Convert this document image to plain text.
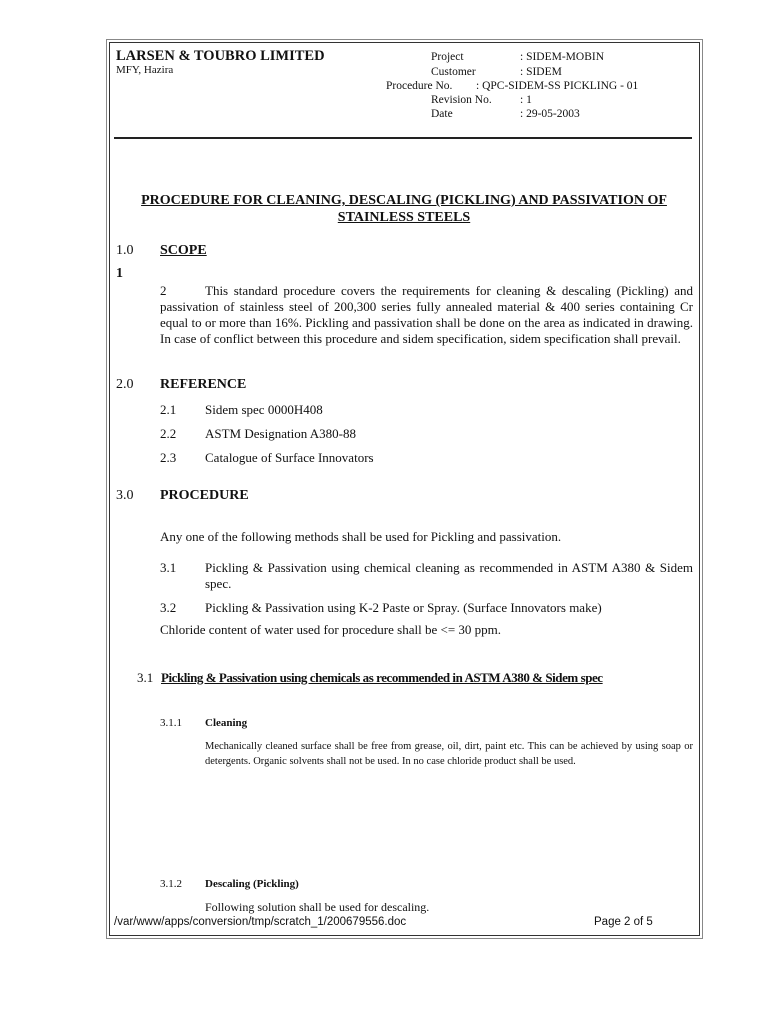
LARSEN & TOUBRO LIMITED
MFY, Hazira
Project	: SIDEM-MOBIN
Customer	: SIDEM
Procedure No. : QPC-SIDEM-SS PICKLING - 01
Revision No. : 1
Date	: 29-05-2003
PROCEDURE FOR CLEANING, DESCALING (PICKLING) AND PASSIVATION OF STAINLESS STEELS
1.0 SCOPE
1
2	This standard procedure covers the requirements for cleaning & descaling (Pickling) and passivation of stainless steel of 200,300 series fully annealed material & 400 series containing Cr equal to or more than 16%. Pickling and passivation shall be done on the area as indicated in drawing. In case of conflict between this procedure and sidem specification, sidem specification shall prevail.
2.0 REFERENCE
2.1 Sidem spec 0000H408
2.2 ASTM Designation A380-88
2.3 Catalogue of Surface Innovators
3.0 PROCEDURE
Any one of the following methods shall be used for Pickling and passivation.
3.1 Pickling & Passivation using chemical cleaning as recommended in ASTM A380 & Sidem spec.
3.2 Pickling & Passivation using K-2 Paste or Spray. (Surface Innovators make)
Chloride content of water used for procedure shall be <= 30 ppm.
3.1 Pickling & Passivation using chemicals as recommended in ASTM A380 & Sidem spec
3.1.1 Cleaning
Mechanically cleaned surface shall be free from grease, oil, dirt, paint etc. This can be achieved by using soap or detergents. Organic solvents shall not be used. In no case chloride product shall be used.
3.1.2 Descaling (Pickling)
Following solution shall be used for descaling.
/var/www/apps/conversion/tmp/scratch_1/200679556.doc	Page 2 of 5
